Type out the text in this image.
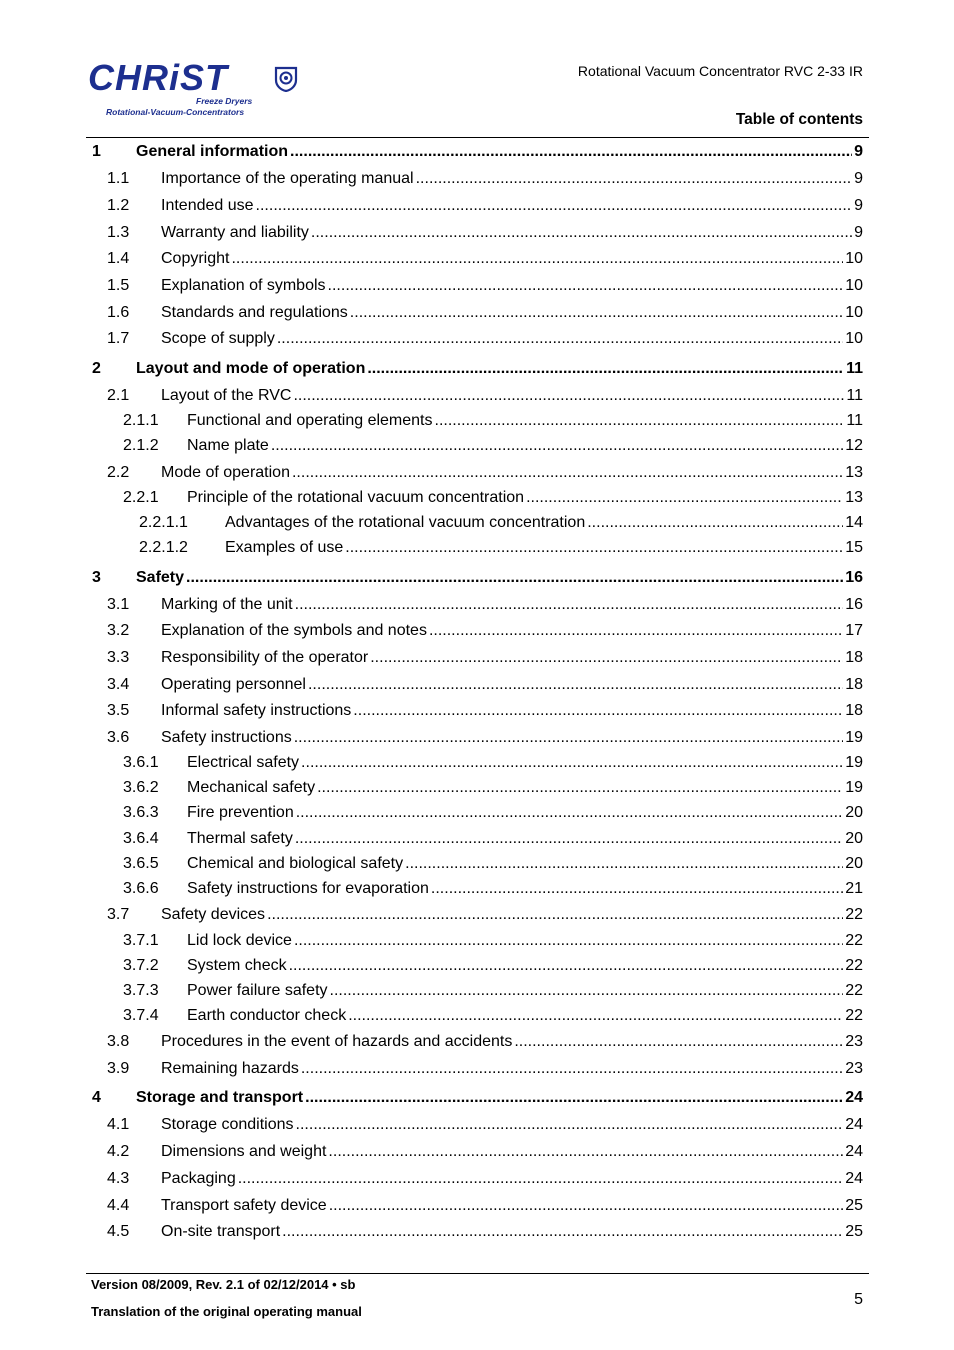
CHRiST
Freeze Dryers
Rotational-Vacuum-Concentrators
Rotational Vacuum Concentrator RVC 2-33 IR
Table of contents
1 General information .....	9
1.1 Importance of the operating manual .....	9
1.2 Intended use .....	9
1.3 Warranty and liability .....	9
1.4 Copyright .....	10
1.5 Explanation of symbols .....	10
1.6 Standards and regulations .....	10
1.7 Scope of supply .....	10
2 Layout and mode of operation .....	11
2.1 Layout of the RVC .....	11
2.1.1 Functional and operating elements .....	11
2.1.2 Name plate .....	12
2.2 Mode of operation .....	13
2.2.1 Principle of the rotational vacuum concentration .....	13
2.2.1.1 Advantages of the rotational vacuum concentration .....	14
2.2.1.2 Examples of use .....	15
3 Safety .....	16
3.1 Marking of the unit .....	16
3.2 Explanation of the symbols and notes .....	17
3.3 Responsibility of the operator .....	18
3.4 Operating personnel .....	18
3.5 Informal safety instructions .....	18
3.6 Safety instructions .....	19
3.6.1 Electrical safety .....	19
3.6.2 Mechanical safety .....	19
3.6.3 Fire prevention .....	20
3.6.4 Thermal safety .....	20
3.6.5 Chemical and biological safety .....	20
3.6.6 Safety instructions for evaporation .....	21
3.7 Safety devices .....	22
3.7.1 Lid lock device .....	22
3.7.2 System check .....	22
3.7.3 Power failure safety .....	22
3.7.4 Earth conductor check .....	22
3.8 Procedures in the event of hazards and accidents .....	23
3.9 Remaining hazards .....	23
4 Storage and transport .....	24
4.1 Storage conditions .....	24
4.2 Dimensions and weight .....	24
4.3 Packaging .....	24
4.4 Transport safety device .....	25
4.5 On-site transport .....	25
Version 08/2009, Rev. 2.1 of 02/12/2014 • sb
Translation of the original operating manual
5
